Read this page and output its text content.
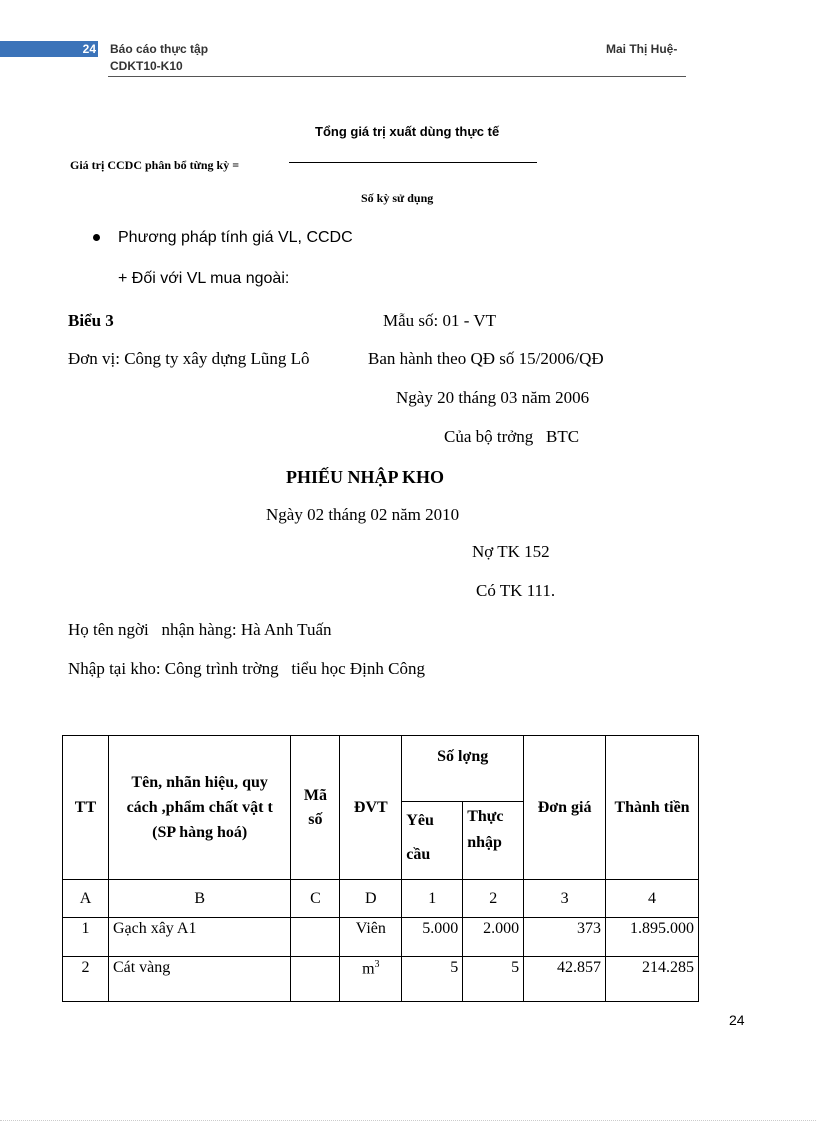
24 Báo cáo thực tập
CDKT10-K10
Mai Thị Huệ-
Tổng giá trị xuất dùng thực tế
Giá trị CCDC phân bổ từng kỳ =
Số kỳ sử dụng
Phương pháp tính giá VL, CCDC
+ Đối với VL mua ngoài:
Biểu 3	Mẫu số: 01 - VT
Đơn vị: Công ty xây dựng Lũng Lô	Ban hành theo QĐ số 15/2006/QĐ
Ngày 20 tháng 03 năm 2006
Của bộ trởng   BTC
PHIẾU NHẬP KHO
Ngày 02 tháng 02 năm 2010
Nợ TK 152
Có TK 111.
Họ tên ngời   nhận hàng: Hà Anh Tuấn
Nhập tại kho: Công trình trờng   tiểu học Định Công
TT	Tên, nhãn hiệu, quy cách ,phẩm chất vật t (SP hàng hoá)	Mã số	ĐVT	Số lợng		Đơn giá	Thành tiền
				Yêu cầu	Thực nhập		
A	B	C	D	1	2	3	4
1	Gạch xây A1		Viên	5.000	2.000	373	1.895.000
2	Cát vàng		$m^3$	5	5	42.857	214.285
24
